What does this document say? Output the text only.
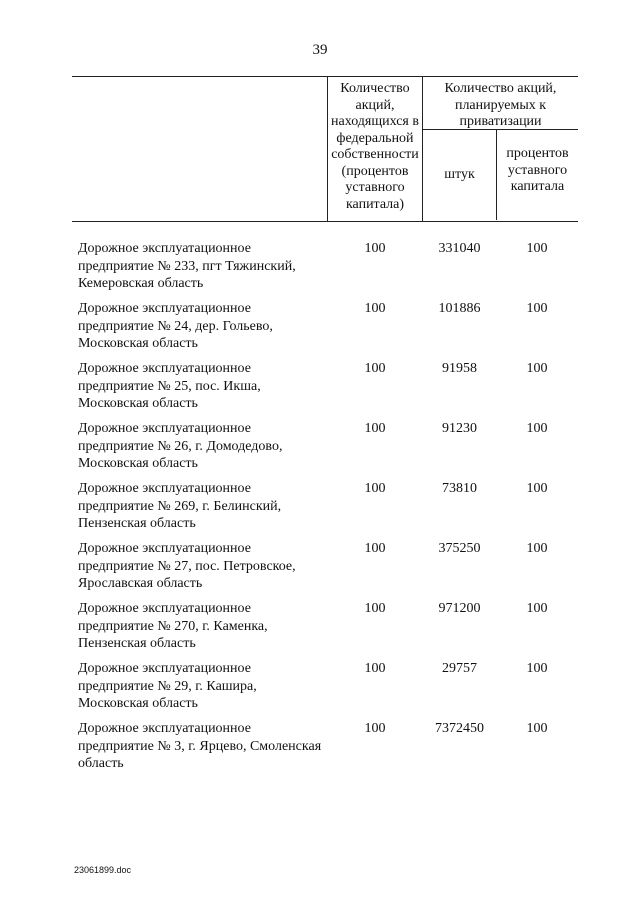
39
Количество акций, находящихся в федеральной собственности (процентов уставного капитала)
Количество акций, планируемых к приватизации
штук
процентов уставного капитала
Дорожное эксплуатационное предприятие № 233, пгт Тяжинский, Кемеровская область
100	331040	100
Дорожное эксплуатационное предприятие № 24, дер. Гольево, Московская область
100	101886	100
Дорожное эксплуатационное предприятие № 25, пос. Икша, Московская область
100	91958	100
Дорожное эксплуатационное предприятие № 26, г. Домодедово, Московская область
100	91230	100
Дорожное эксплуатационное предприятие № 269, г. Белинский, Пензенская область
100	73810	100
Дорожное эксплуатационное предприятие № 27, пос. Петровское, Ярославская область
100	375250	100
Дорожное эксплуатационное предприятие № 270, г. Каменка, Пензенская область
100	971200	100
Дорожное эксплуатационное предприятие № 29, г. Кашира, Московская область
100	29757	100
Дорожное эксплуатационное предприятие № 3, г. Ярцево, Смоленская область
100	7372450	100
23061899.doc
